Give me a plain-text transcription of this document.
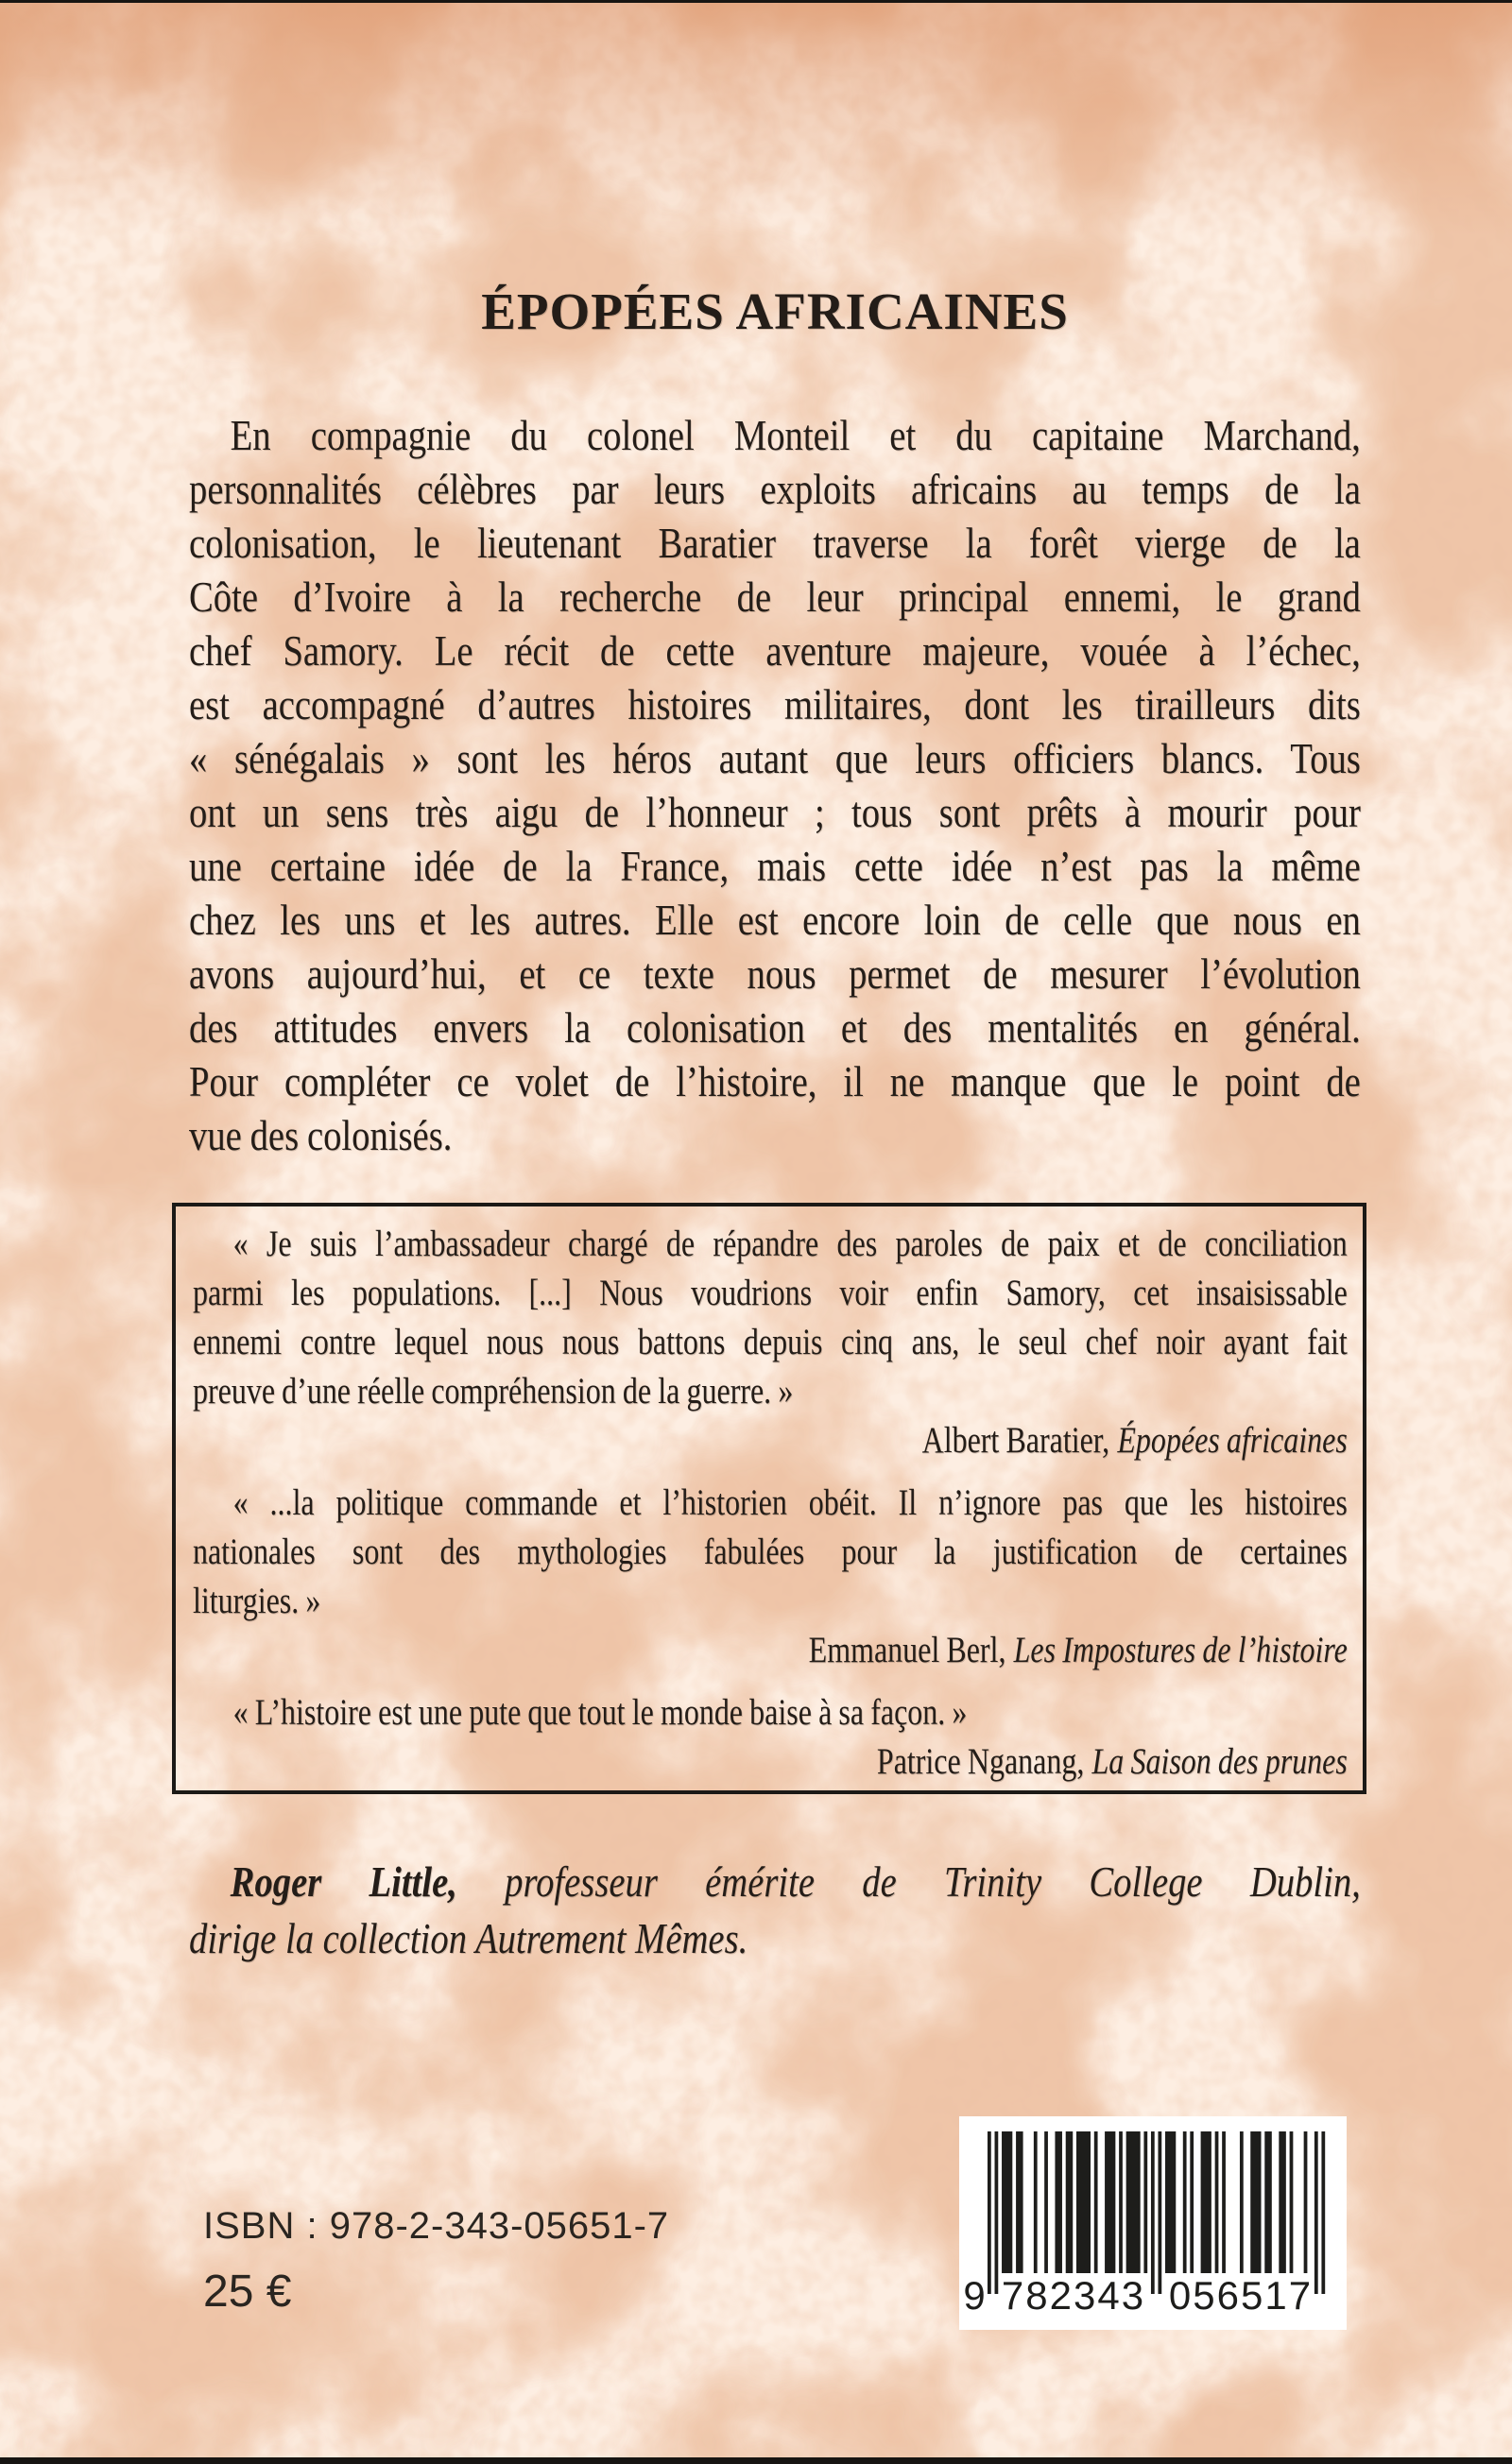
ÉPOPÉES AFRICAINES
En compagnie du colonel Monteil et du capitaine Marchand,
personnalités célèbres par leurs exploits africains au temps de la
colonisation, le lieutenant Baratier traverse la forêt vierge de la
Côte d’Ivoire à la recherche de leur principal ennemi, le grand
chef Samory. Le récit de cette aventure majeure, vouée à l’échec,
est accompagné d’autres histoires militaires, dont les tirailleurs dits
« sénégalais » sont les héros autant que leurs officiers blancs. Tous
ont un sens très aigu de l’honneur ; tous sont prêts à mourir pour
une certaine idée de la France, mais cette idée n’est pas la même
chez les uns et les autres. Elle est encore loin de celle que nous en
avons aujourd’hui, et ce texte nous permet de mesurer l’évolution
des attitudes envers la colonisation et des mentalités en général.
Pour compléter ce volet de l’histoire, il ne manque que le point de
vue des colonisés.
« Je suis l’ambassadeur chargé de répandre des paroles de paix et de conciliation
parmi les populations. [...] Nous voudrions voir enfin Samory, cet insaisissable
ennemi contre lequel nous nous battons depuis cinq ans, le seul chef noir ayant fait
preuve d’une réelle compréhension de la guerre. »
Albert Baratier, Épopées africaines
« ...la politique commande et l’historien obéit. Il n’ignore pas que les histoires
nationales sont des mythologies fabulées pour la justification de certaines
liturgies. »
Emmanuel Berl, Les Impostures de l’histoire
« L’histoire est une pute que tout le monde baise à sa façon. »
Patrice Nganang, La Saison des prunes
Roger Little, professeur émérite de Trinity College Dublin,
dirige la collection Autrement Mêmes.
ISBN : 978-2-343-05651-7
25 €	9 782343 056517
